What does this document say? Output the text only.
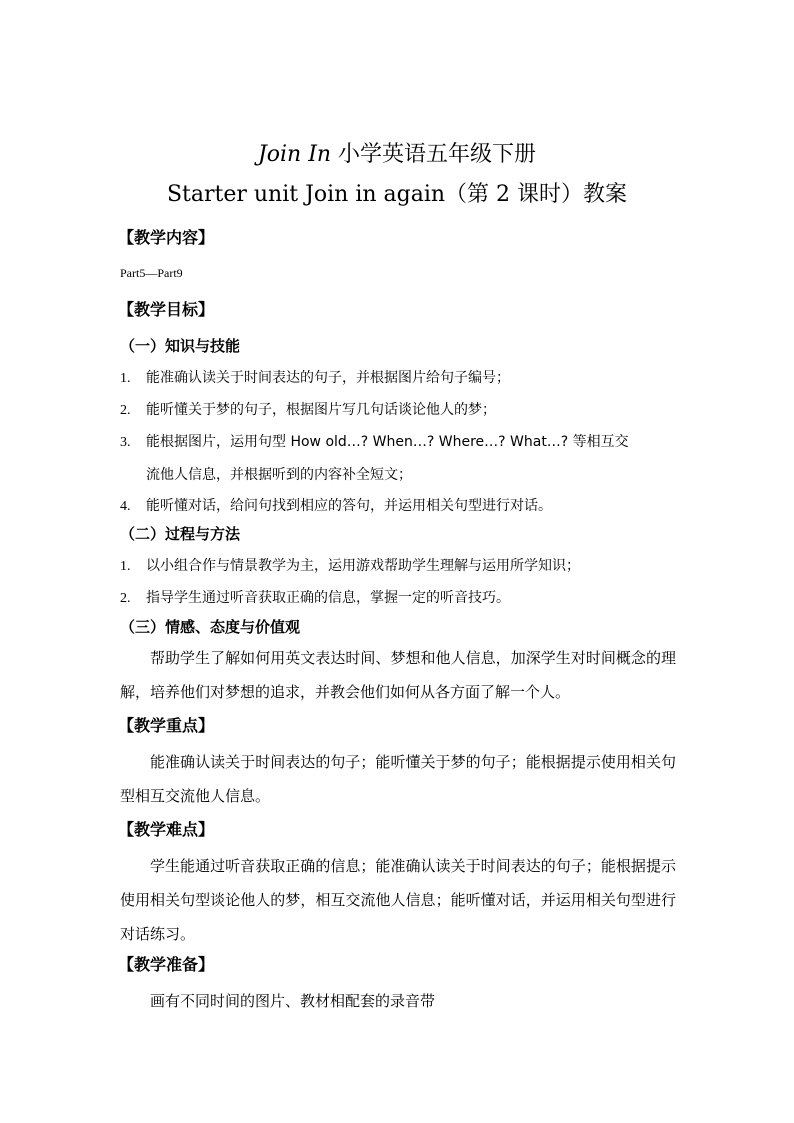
Join In 小学英语五年级下册
Starter unit Join in again（第 2 课时）教案
【教学内容】
Part5—Part9
【教学目标】
（一）知识与技能
1. 能准确认读关于时间表达的句子，并根据图片给句子编号；
2. 能听懂关于梦的句子，根据图片写几句话谈论他人的梦；
3. 能根据图片，运用句型 How old…? When…? Where…? What…? 等相互交
流他人信息，并根据听到的内容补全短文；
4. 能听懂对话，给问句找到相应的答句，并运用相关句型进行对话。
（二）过程与方法
1. 以小组合作与情景教学为主，运用游戏帮助学生理解与运用所学知识；
2. 指导学生通过听音获取正确的信息，掌握一定的听音技巧。
（三）情感、态度与价值观
帮助学生了解如何用英文表达时间、梦想和他人信息，加深学生对时间概念的理解，培养他们对梦想的追求，并教会他们如何从各方面了解一个人。
【教学重点】
能准确认读关于时间表达的句子；能听懂关于梦的句子；能根据提示使用相关句型相互交流他人信息。
【教学难点】
学生能通过听音获取正确的信息；能准确认读关于时间表达的句子；能根据提示使用相关句型谈论他人的梦，相互交流他人信息；能听懂对话，并运用相关句型进行对话练习。
【教学准备】
画有不同时间的图片、教材相配套的录音带
